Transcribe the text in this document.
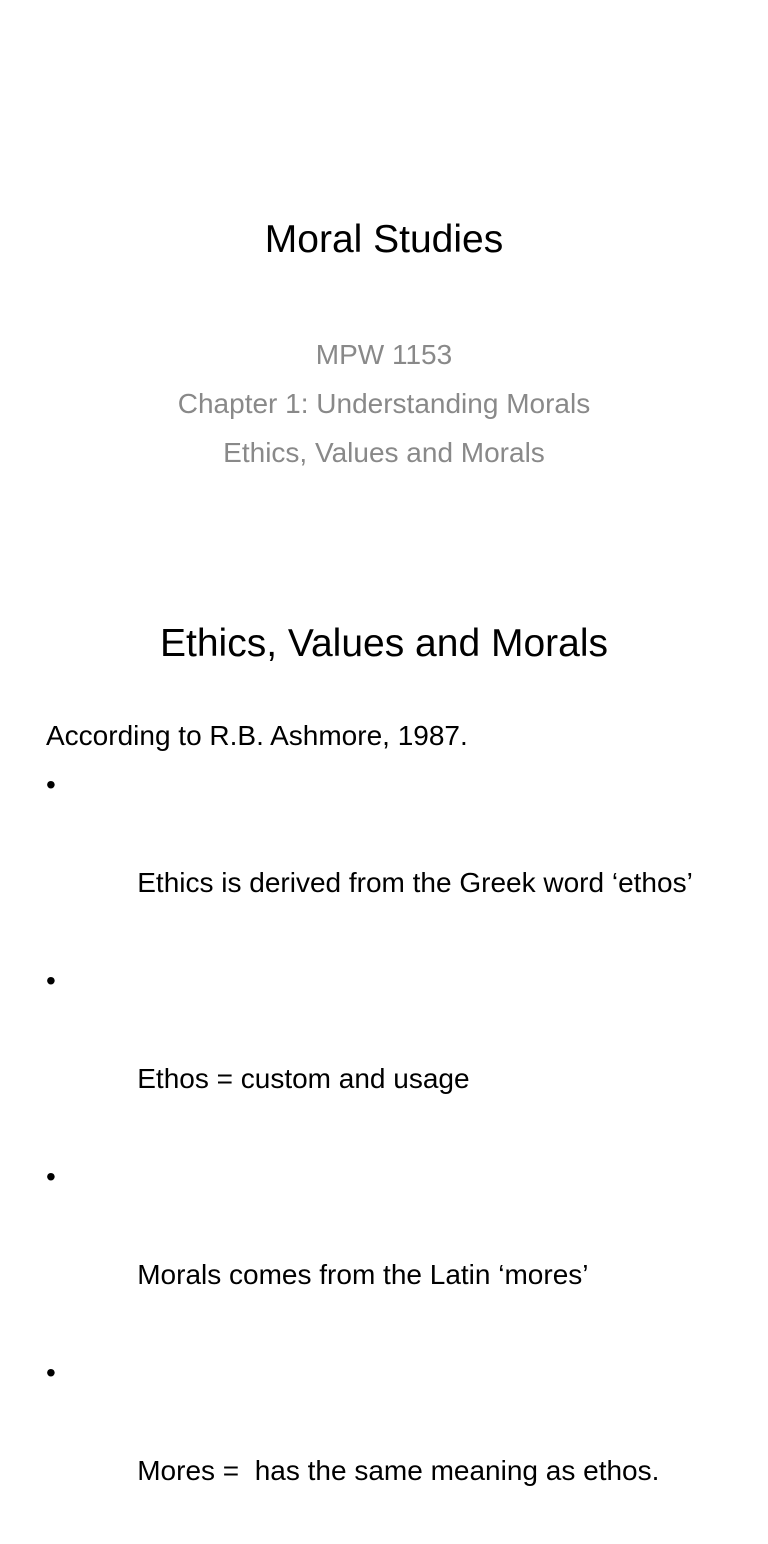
Moral Studies
MPW 1153
Chapter 1: Understanding Morals
Ethics, Values and Morals
Ethics, Values and Morals
According to R.B. Ashmore, 1987.

•

Ethics is derived from the Greek word ‘ethos’

•

Ethos = custom and usage

•

Morals comes from the Latin ‘mores’

•

Mores =  has the same meaning as ethos.
